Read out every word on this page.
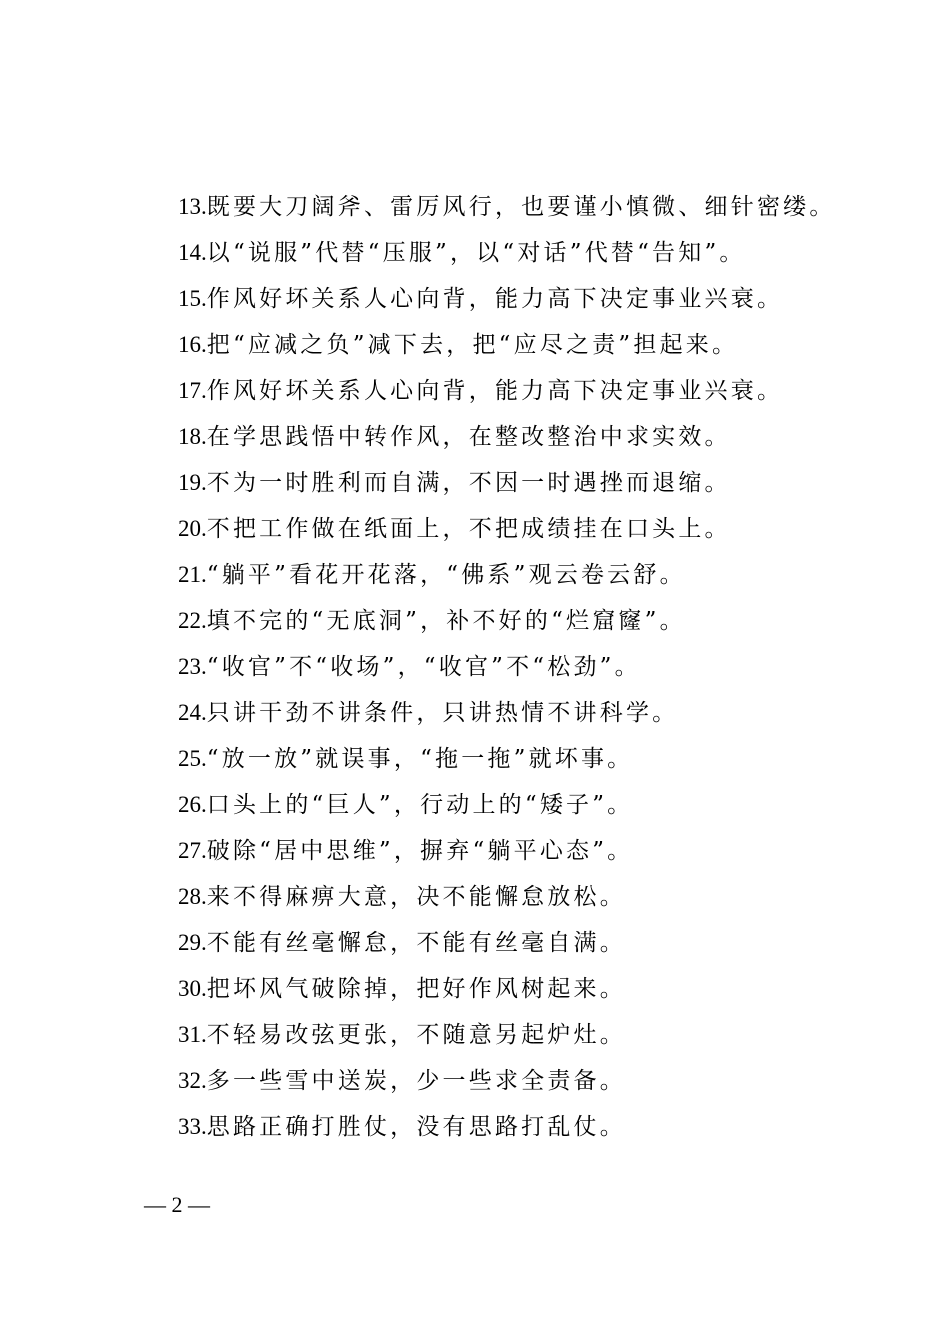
13.既要大刀阔斧、雷厉风行，也要谨小慎微、细针密缕。
14.以“说服”代替“压服”，以“对话”代替“告知”。
15.作风好坏关系人心向背，能力高下决定事业兴衰。
16.把“应减之负”减下去，把“应尽之责”担起来。
17.作风好坏关系人心向背，能力高下决定事业兴衰。
18.在学思践悟中转作风，在整改整治中求实效。
19.不为一时胜利而自满，不因一时遇挫而退缩。
20.不把工作做在纸面上，不把成绩挂在口头上。
21.“躺平”看花开花落，“佛系”观云卷云舒。
22.填不完的“无底洞”，补不好的“烂窟窿”。
23.“收官”不“收场”，“收官”不“松劲”。
24.只讲干劲不讲条件，只讲热情不讲科学。
25.“放一放”就误事，“拖一拖”就坏事。
26.口头上的“巨人”，行动上的“矮子”。
27.破除“居中思维”，摒弃“躺平心态”。
28.来不得麻痹大意，决不能懈怠放松。
29.不能有丝毫懈怠，不能有丝毫自满。
30.把坏风气破除掉，把好作风树起来。
31.不轻易改弦更张，不随意另起炉灶。
32.多一些雪中送炭，少一些求全责备。
33.思路正确打胜仗，没有思路打乱仗。
— 2 —
